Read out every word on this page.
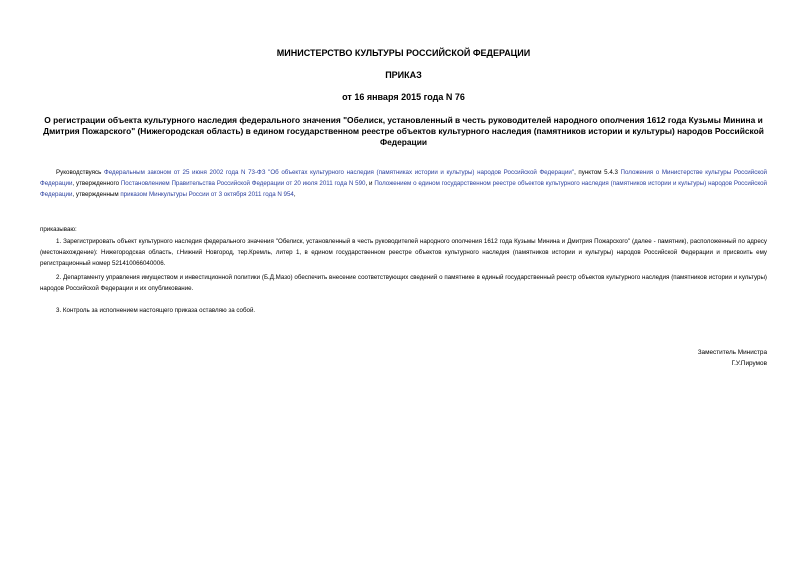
МИНИСТЕРСТВО КУЛЬТУРЫ РОССИЙСКОЙ ФЕДЕРАЦИИ
ПРИКАЗ
от 16 января 2015 года N 76
О регистрации объекта культурного наследия федерального значения "Обелиск, установленный в честь руководителей народного ополчения 1612 года Кузьмы Минина и Дмитрия Пожарского" (Нижегородская область) в едином государственном реестре объектов культурного наследия (памятников истории и культуры) народов Российской Федерации

Руководствуясь Федеральным законом от 25 июня 2002 года N 73-ФЗ "Об объектах культурного наследия (памятниках истории и культуры) народов Российской Федерации", пунктом 5.4.3 Положения о Министерстве культуры Российской Федерации, утвержденного Постановлением Правительства Российской Федерации от 20 июля 2011 года N 590, и Положением о едином государственном реестре объектов культурного наследия (памятников истории и культуры) народов Российской Федерации, утвержденным приказом Минкультуры России от 3 октября 2011 года N 954,

приказываю:

1. Зарегистрировать объект культурного наследия федерального значения "Обелиск, установленный в честь руководителей народного ополчения 1612 года Кузьмы Минина и Дмитрия Пожарского" (далее - памятник), расположенный по адресу (местонахождение): Нижегородская область, г.Нижний Новгород, тер.Кремль, литер 1, в едином государственном реестре объектов культурного наследия (памятников истории и культуры) народов Российской Федерации и присвоить ему регистрационный номер 521410066040006.

2. Департаменту управления имуществом и инвестиционной политики (Б.Д.Мазо) обеспечить внесение соответствующих сведений о памятнике в единый государственный реестр объектов культурного наследия (памятников истории и культуры) народов Российской Федерации и их опубликование.

3. Контроль за исполнением настоящего приказа оставляю за собой.

Заместитель Министра
Г.У.Пирумов
